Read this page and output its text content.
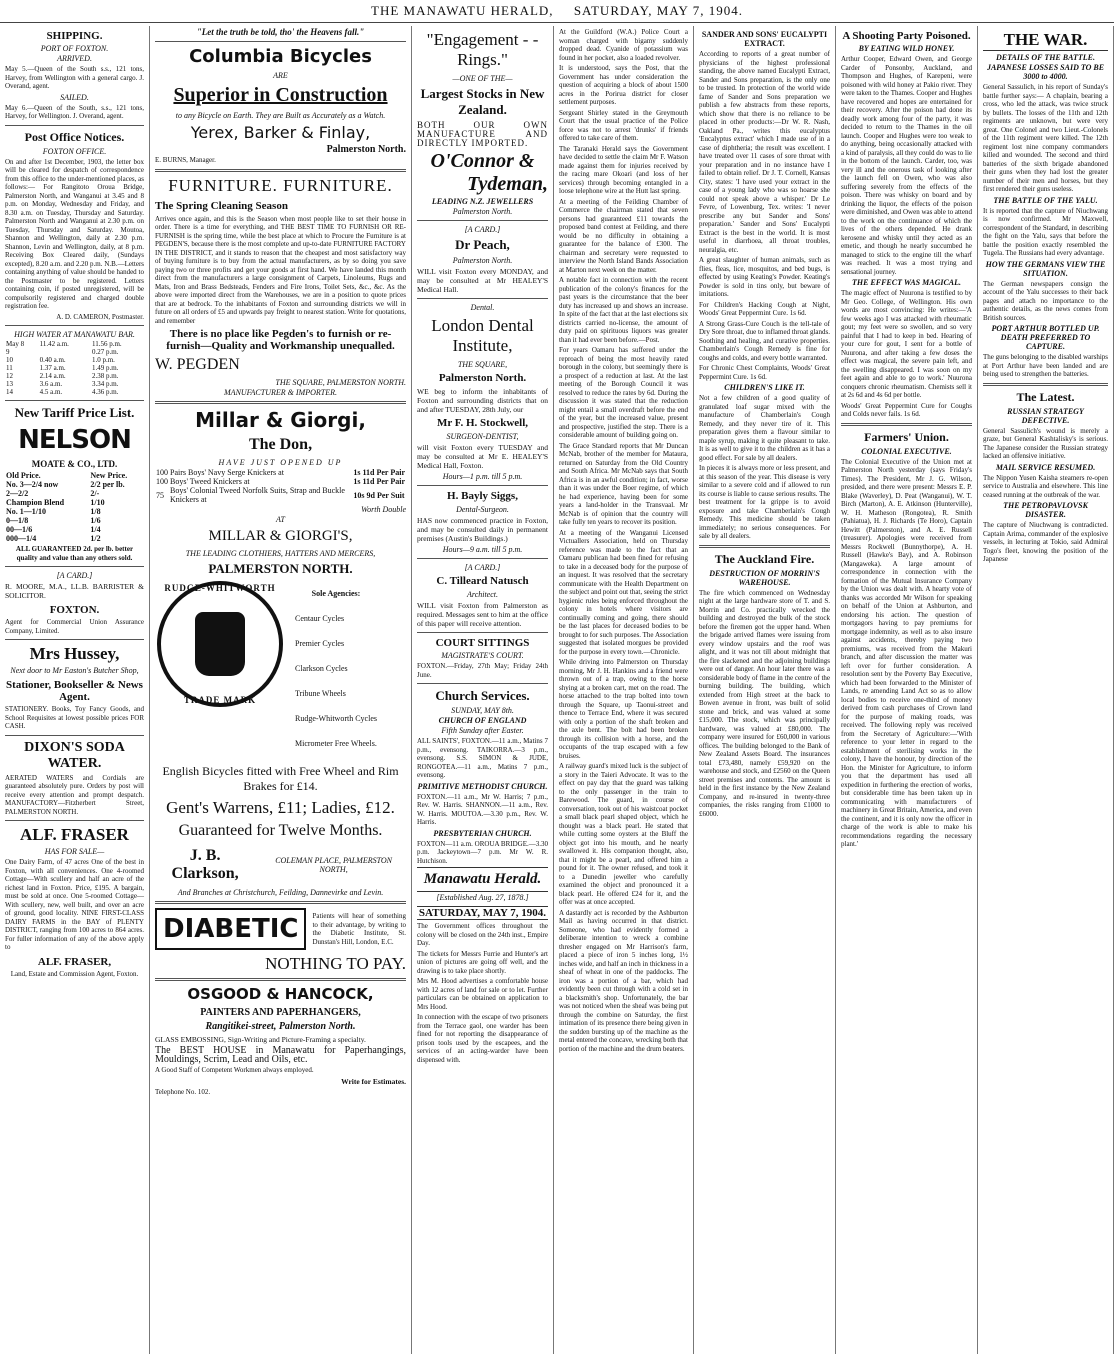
THE MANAWATU HERALD, SATURDAY, MAY 7, 1904.
SHIPPING.
PORT OF FOXTON.
ARRIVED.
May 5.—Queen of the South s.s., 121 tons, Harvey, from Wellington with a general cargo. J. Overand, agent.
SAILED.
May 6.—Queen of the South, s.s., 121 tons, Harvey, for Wellington. J. Overand, agent.
Post Office Notices.
FOXTON OFFICE.
On and after 1st December, 1903, the letter box will be cleared for despatch of correspondence from this office to the under-mentioned places, as follows:— For Rangitoto Oroua Bridge, Palmerston North, and Wanganui at 3.45 and 8 p.m. on Monday, Wednesday and Friday, and 8.30 a.m. on Tuesday, Thursday and Saturday. Palmerston North and Wanganui at 2.30 p.m. on Tuesday, Thursday and Saturday. Moutoa, Shannon and Wellington, daily at 2.30 p.m. Shannon, Levin and Wellington, daily, at 8 p.m. Receiving Box Cleared daily, (Sundays excepted), 8.20 a.m. and 2.20 p.m. N.B.—Letters containing anything of value should be handed to the Postmaster to be registered. Letters containing coin, if posted unregistered, will be compulsorily registered and charged double registration fee.
A. D. CAMERON, Postmaster.
HIGH WATER AT MANAWATU BAR.
May 8	11.42 a.m.	11.56 p.m.
9		0.27 p.m.
10	0.40 a.m.	1.0 p.m.
11	1.37 a.m.	1.49 p.m.
12	2.14 a.m.	2.38 p.m.
13	3.6 a.m.	3.34 p.m.
14	4.5 a.m.	4.36 p.m.
New Tariff Price List.
NELSON
MOATE & CO., LTD.
Old Price.	New Price.
No. 3—2/4 now	2/2 per lb.
2—2/2	2/-
Champion Blend	1/10
No. 1—1/10	1/8
0—1/8	1/6
00—1/6	1/4
000—1/4	1/2
ALL GUARANTEED 2d. per lb. better quality and value than any others sold.
[A CARD.]
R. MOORE, M.A., LL.B. BARRISTER & SOLICITOR.
FOXTON.
Agent for Commercial Union Assurance Company, Limited.
Mrs Hussey,
Next door to Mr Easton's Butcher Shop,
Stationer, Bookseller & News Agent.
STATIONERY. Books, Toy Fancy Goods, and School Requisites at lowest possible prices FOR CASH.
DIXON'S SODA WATER.
AERATED WATERS and Cordials are guaranteed absolutely pure. Orders by post will receive every attention and prompt despatch. MANUFACTORY—Fitzherbert Street, PALMERSTON NORTH.
ALF. FRASER
HAS FOR SALE—
One Dairy Farm, of 47 acres One of the best in Foxton, with all conveniences. One 4-roomed Cottage—With scullery and half an acre of the richest land in Foxton. Price, £195. A bargain, must be sold at once. One 5-roomed Cottage—With scullery, new, well built, and over an acre of ground, good locality. NINE FIRST-CLASS DAIRY FARMS in the BAY of PLENTY DISTRICT, ranging from 100 acres to 864 acres. For fuller information of any of the above apply to
ALF. FRASER,
Land, Estate and Commission Agent, Foxton.
"Let the truth be told, tho' the Heavens fall."
Columbia Bicycles
ARE
Superior in Construction
to any Bicycle on Earth. They are Built as Accurately as a Watch.
Yerex, Barker & Finlay,
Palmerston North.
E. BURNS, Manager.
FURNITURE. FURNITURE.
The Spring Cleaning Season
Arrives once again, and this is the Season when most people like to set their house in order. There is a time for everything, and THE BEST TIME TO FURNISH OR RE-FURNISH is the spring time, while the best place at which to Procure the Furniture is at PEGDEN'S, because there is the most complete and up-to-date FURNITURE FACTORY IN THE DISTRICT, and it stands to reason that the cheapest and most satisfactory way of buying furniture is to buy from the actual manufacturers, as by so doing you save paying two or three profits and get your goods at first hand. We have landed this month direct from the manufacturers a large consignment of Carpets, Linoleums, Rugs and Mats, Iron and Brass Bedsteads, Fenders and Fire Irons, Toilet Sets, &c., &c. As the above were imported direct from the Warehouses, we are in a position to quote prices that are at bedrock. To the inhabitants of Foxton and surrounding districts we will in future on all orders of £5 and upwards pay freight to nearest station. Write for quotations, and remember
There is no place like Pegden's to furnish or re-furnish—Quality and Workmanship unequalled.
W. PEGDEN
THE SQUARE, PALMERSTON NORTH.
MANUFACTURER & IMPORTER.
Millar & Giorgi,
The Don,
HAVE JUST OPENED UP
100	Pairs Boys' Navy Serge Knickers at	1s 11d Per Pair
100	Boys' Tweed Knickers at	1s 11d Per Pair
75	Boys' Colonial Tweed Norfolk Suits, Strap and Buckle Knickers at	10s 9d Per Suit
Worth Double
AT
MILLAR & GIORGI'S,
THE LEADING CLOTHIERS, HATTERS AND MERCERS,
PALMERSTON NORTH.
RUDGE-WHITWORTH
TRADE MARK
Sole Agencies:
Centaur Cycles
Premier Cycles
Clarkson Cycles
Tribune Wheels
Rudge-Whitworth Cycles
Micrometer Free Wheels.
English Bicycles fitted with Free Wheel and Rim Brakes for £14.
Gent's Warrens, £11; Ladies, £12.
Guaranteed for Twelve Months.
J. B. Clarkson,
COLEMAN PLACE, PALMERSTON NORTH,
And Branches at Christchurch, Feilding, Dannevirke and Levin.
DIABETIC	Patients will hear of something to their advantage, by writing to the Diabetic Institute, St. Dunstan's Hill, London, E.C.
NOTHING TO PAY.
OSGOOD & HANCOCK,
PAINTERS AND PAPERHANGERS,
Rangitikei-street, Palmerston North.
GLASS EMBOSSING, Sign-Writing and Picture-Framing a specialty.
The BEST HOUSE in Manawatu for Paperhangings, Mouldings, Scrim, Lead and Oils, etc.
A Good Staff of Competent Workmen always employed.
Write for Estimates.
Telephone No. 102.
"Engagement - - Rings."
—ONE OF THE—
Largest Stocks in New Zealand.
BOTH OUR OWN MANUFACTURE AND DIRECTLY IMPORTED.
O'Connor &
Tydeman,
LEADING N.Z. JEWELLERS
Palmerston North.
[A CARD.]
Dr Peach,
Palmerston North.
WILL visit Foxton every MONDAY, and may be consulted at Mr HEALEY'S Medical Hall.
Dental.
London Dental Institute,
THE SQUARE,
Palmerston North.
WE beg to inform the inhabitants of Foxton and surrounding districts that on and after TUESDAY, 28th July, our
Mr F. H. Stockwell,
SURGEON-DENTIST,
will visit Foxton every TUESDAY and may be consulted at Mr E. HEALEY'S Medical Hall, Foxton.
Hours—1 p.m. till 5 p.m.
H. Bayly Siggs,
Dental-Surgeon.
HAS now commenced practice in Foxton, and may be consulted daily in permanent premises (Austin's Buildings.)
Hours—9 a.m. till 5 p.m.
[A CARD.]
C. Tilleard Natusch
Architect.
WILL visit Foxton from Palmerston as required. Messages sent to him at the office of this paper will receive attention.
COURT SITTINGS
MAGISTRATE'S COURT.
FOXTON.—Friday, 27th May; Friday 24th June.
Church Services.
SUNDAY, MAY 8th.
CHURCH OF ENGLAND
Fifth Sunday after Easter.
ALL SAINTS', FOXTON.—11 a.m., Matins 7 p.m., evensong. TAIKORRA.—3 p.m., evensong. S.S. SIMON & JUDE, RONGOTEA.—11 a.m., Matins 7 p.m., evensong.
PRIMITIVE METHODIST CHURCH.
FOXTON.—11 a.m., Mr W. Harris; 7 p.m., Rev. W. Harris. SHANNON.—11 a.m., Rev. W. Harris. MOUTOA.—3.30 p.m., Rev. W. Harris.
PRESBYTERIAN CHURCH.
FOXTON—11 a.m. OROUA BRIDGE.—3.30 p.m. Jackeytown—7 p.m. Mr W. R. Hutchison.
Manawatu Herald.
[Established Aug. 27, 1878.]
SATURDAY, MAY 7, 1904.
The Government offices throughout the colony will be closed on the 24th inst., Empire Day.
The tickets for Messrs Furrie and Hunter's art union of pictures are going off well, and the drawing is to take place shortly.
Mrs M. Hood advertises a comfortable house with 12 acres of land for sale or to let. Further particulars can be obtained on application to Mrs Hood.
In connection with the escape of two prisoners from the Terrace gaol, one warder has been fined for not reporting the disappearance of prison tools used by the escapees, and the services of an acting-warder have been dispensed with.
At the Guildford (W.A.) Police Court a woman charged with bigamy suddenly dropped dead. Cyanide of potassium was found in her pocket, also a loaded revolver.
It is understood, says the Post, that the Government has under consideration the question of acquiring a block of about 1500 acres in the Porirua district for closer settlement purposes.
Sergeant Shirley stated in the Greymouth Court that the usual practice of the Police force was not to arrest 'drunks' if friends offered to take care of them.
The Taranaki Herald says the Government have decided to settle the claim Mr F. Watson made against them for injuries received by the racing mare Okoari (and loss of her services) through becoming entangled in a loose telephone wire at the Hutt last spring.
At a meeting of the Feilding Chamber of Commerce the chairman stated that seven persons had guaranteed £11 towards the proposed band contest at Feilding, and there would be no difficulty in obtaining a guarantee for the balance of £300. The chairman and secretary were requested to interview the North Island Bands Association at Marton next week on the matter.
A notable fact in connection with the recent publication of the colony's finances for the past years is the circumstance that the beer duty has increased up and shows an increase. In spite of the fact that at the last elections six districts carried no-license, the amount of duty paid on spirituous liquors was greater than it had ever been before.—Post.
For years Oamaru has suffered under the reproach of being the most heavily rated borough in the colony, but seemingly there is a prospect of a reduction at last. At the last meeting of the Borough Council it was resolved to reduce the rates by 6d. During the discussion it was stated that the reduction might entail a small overdraft before the end of the year, but the increased value, present and prospective, justified the step. There is a considerable amount of building going on.
The Grace Standard reports that Mr Duncan McNab, brother of the member for Mataura, returned on Saturday from the Old Country and South Africa. Mr McNab says that South Africa is in an awful condition; in fact, worse than it was under the Boer regime, of which he had experience, having been for some years a land-holder in the Transvaal. Mr McNab is of opinion that the country will take fully ten years to recover its position.
At a meeting of the Wanganui Licensed Victuallers Association, held on Thursday reference was made to the fact that an Oamaru publican had been fined for refusing to take in a deceased body for the purpose of an inquest. It was resolved that the secretary communicate with the Health Department on the subject and point out that, seeing the strict hygienic rules being enforced throughout the colony in hotels where visitors are continually coming and going, there should be the last places for deceased bodies to be brought to for such purposes. The Association suggested that isolated morgues be provided for the purpose in every town.—Chronicle.
While driving into Palmerston on Thursday morning, Mr J. H. Hankins and a friend were thrown out of a trap, owing to the horse shying at a broken cart, met on the road. The horse attached to the trap bolted into town through the Square, up Taonui-street and thence to Terrace End, where it was secured with only a portion of the shaft broken and the axle bent. The bolt had been broken through its collision with a horse, and the occupants of the trap escaped with a few bruises.
A railway guard's mixed luck is the subject of a story in the Taieri Advocate. It was to the effect on pay day that the guard was talking to the only passenger in the train to Barewood. The guard, in course of conversation, took out of his waistcoat pocket a small black pearl shaped object, which he thought was a black pearl. He stated that while cutting some oysters at the Bluff the object got into his mouth, and he nearly swallowed it. His companion thought, also, that it might be a pearl, and offered him a pound for it. The owner refused, and took it to a Dunedin jeweller who carefully examined the object and pronounced it a black pearl. He offered £24 for it, and the offer was at once accepted.
A dastardly act is recorded by the Ashburton Mail as having occurred in that district. Someone, who had evidently formed a deliberate intention to wreck a combine thresher engaged on Mr Harrison's farm, placed a piece of iron 5 inches long, 1½ inches wide, and half an inch in thickness in a sheaf of wheat in one of the paddocks. The iron was a portion of a bar, which had evidently been cut through with a cold set in a blacksmith's shop. Unfortunately, the bar was not noticed when the sheaf was being put through the combine on Saturday, the first intimation of its presence there being given in the sudden bursting up of the machine as the metal entered the concave, wrecking both that portion of the machine and the drum beaters.
SANDER AND SONS' EUCALYPTI EXTRACT.
According to reports of a great number of physicians of the highest professional standing, the above named Eucalypti Extract, Sander and Sons preparation, is the only one to be trusted. In protection of the world wide fame of Sander and Sons preparation we publish a few abstracts from these reports, which show that there is no reliance to be placed in other products:—Dr W. R. Nash, Oakland Pa., writes this eucalyptus 'Eucalyptus extract' which I made use of in a case of diphtheria; the result was excellent. I have treated over 11 cases of sore throat with your preparation and in no instance have I failed to obtain relief. Dr J. T. Cornell, Kansas City, states: 'I have used your extract in the case of a young lady who was so hoarse she could not speak above a whisper.' Dr Le Fevre, of Lowenburg, Tex. writes: 'I never prescribe any but Sander and Sons' preparation.' Sander and Sons' Eucalypti Extract is the best in the world. It is most useful in diarrhoea, all throat troubles, neuralgia, etc.
A great slaughter of human animals, such as flies, fleas, lice, mosquitos, and bed bugs, is effected by using Keating's Powder. Keating's Powder is sold in tins only, but beware of imitations.
For Children's Hacking Cough at Night, Woods' Great Peppermint Cure. 1s 6d.
A Strong Grass-Cure Couch is the tell-tale of Dry Sore throat, due to inflamed throat glands. Soothing and healing, and curative properties. Chamberlain's Cough Remedy is fine for coughs and colds, and every bottle warranted.
For Chronic Chest Complaints, Woods' Great Peppermint Cure. 1s 6d.
CHILDREN'S LIKE IT.
Not a few children of a good quality of granulated loaf sugar mixed with the manufacture of Chamberlain's Cough Remedy, and they never tire of it. This preparation gives them a flavour similar to maple syrup, making it quite pleasant to take. It is as well to give it to the children as it has a good effect. For sale by all dealers.
In pieces it is always more or less present, and at this season of the year. This disease is very similar to a severe cold and if allowed to run its course is liable to cause serious results. The best treatment for la grippe is to avoid exposure and take Chamberlain's Cough Remedy. This medicine should be taken immediately; no serious consequences. For sale by all dealers.
The Auckland Fire.
DESTRUCTION OF MORRIN'S WAREHOUSE.
The fire which commenced on Wednesday night at the large hardware store of T. and S. Morrin and Co. practically wrecked the building and destroyed the bulk of the stock before the firemen got the upper hand. When the brigade arrived flames were issuing from every window upstairs and the roof was alight, and it was not till about midnight that the fire slackened and the adjoining buildings were out of danger. An hour later there was a considerable body of flame in the centre of the burning building. The building, which extended from High street at the back to Bowen avenue in front, was built of solid stone and brick, and was valued at some £15,000. The stock, which was principally hardware, was valued at £80,000. The company were insured for £60,000 in various offices. The building belonged to the Bank of New Zealand Assets Board. The insurances total £73,480, namely £59,920 on the warehouse and stock, and £2560 on the Queen street premises and contents. The amount is held in the first instance by the New Zealand Company, and re-insured in twenty-three companies, the risks ranging from £1000 to £6000.
A Shooting Party Poisoned.
BY EATING WILD HONEY.
Arthur Cooper, Edward Owen, and George Carder of Ponsonby, Auckland, and Thompson and Hughes, of Karepeni, were poisoned with wild honey at Pakio river. They were taken to the Thames. Cooper and Hughes have recovered and hopes are entertained for their recovery. After the poison had done its deadly work among four of the party, it was decided to return to the Thames in the oil launch. Cooper and Hughes were too weak to do anything, being occasionally attacked with a kind of paralysis, all they could do was to lie in the bottom of the launch. Carder, too, was very ill and the onerous task of looking after the launch fell on Owen, who was also suffering severely from the effects of the poison. There was whisky on board and by drinking the liquor, the effects of the poison were diminished, and Owen was able to attend to the work on the continuance of which the lives of the others depended. He drank kerosene and whisky until they acted as an emetic, and though he nearly succumbed he managed to stick to the engine till the wharf was reached. It was a most trying and sensational journey.
THE EFFECT WAS MAGICAL.
The magic effect of Nuurona is testified to by Mr Geo. College, of Wellington. His own words are most convincing: He writes:—'A few weeks ago I was attacked with rheumatic gout; my feet were so swollen, and so very painful that I had to keep in bed. Hearing of your cure for gout, I sent for a bottle of Nuurona, and after taking a few doses the effect was magical, the severe pain left, and the swelling disappeared. I was soon on my feet again and able to go to work.' Nuurona conquers chronic rheumatism. Chemists sell it at 2s 6d and 4s 6d per bottle.
Woods' Great Peppermint Cure for Coughs and Colds never fails. 1s 6d.
Farmers' Union.
COLONIAL EXECUTIVE.
The Colonial Executive of the Union met at Palmerston North yesterday (says Friday's Times). The President, Mr J. G. Wilson, presided, and there were present: Messrs E. P. Blake (Waverley), D. Peat (Wanganui), W. T. Birch (Marton), A. E. Atkinson (Hunterville), W. H. Matheson (Rongotea), R. Smith (Pahiatua), H. J. Richards (Te Horo), Captain Hewitt (Palmerston), and A. E. Russell (treasurer). Apologies were received from Messrs Rockwell (Bunnythorpe), A. H. Russell (Hawke's Bay), and A. Robinson (Mangaweka). A large amount of correspondence in connection with the formation of the Mutual Insurance Company by the Union was dealt with. A hearty vote of thanks was accorded Mr Wilson for speaking on behalf of the Union at Ashburton, and endorsing his action. The question of mortgagors having to pay premiums for mortgage indemnity, as well as to also insure against accidents, thereby paying two premiums, was received from the Makuri branch, and after discussion the matter was left over for further consideration. A resolution sent by the Poverty Bay Executive, which had been forwarded to the Minister of Lands, re amending Land Act so as to allow local bodies to receive one-third of money derived from cash purchases of Crown land for the purpose of making roads, was received. The following reply was received from the Secretary of Agriculture:—'With reference to your letter in regard to the establishment of sterilising works in the colony, I have the honour, by direction of the Hon. the Minister for Agriculture, to inform you that the department has used all expedition in furthering the erection of works, but considerable time has been taken up in communicating with manufacturers of machinery in Great Britain, America, and even the continent, and it is only now the officer in charge of the work is able to make his recommendations regarding the necessary plant.'
THE WAR.
DETAILS OF THE BATTLE.
JAPANESE LOSSES SAID TO BE 3000 to 4000.
General Sassulich, in his report of Sunday's battle further says:— A chaplain, bearing a cross, who led the attack, was twice struck by bullets. The losses of the 11th and 12th regiments are unknown, but were very great. One Colonel and two Lieut.-Colonels of the 11th regiment were killed. The 12th regiment lost nine company commanders killed and wounded. The second and third batteries of the sixth brigade abandoned their guns when they had lost the greater number of their men and horses, but they first rendered their guns useless.
THE BATTLE OF THE YALU.
It is reported that the capture of Niuchwang is now confirmed. Mr Maxwell, correspondent of the Standard, in describing the fight on the Yalu, says that before the battle the position exactly resembled the Tugela. The Russians had every advantage.
HOW THE GERMANS VIEW THE SITUATION.
The German newspapers consign the account of the Yalu successes to their back pages and attach no importance to the authentic details, as the news comes from British sources.
PORT ARTHUR BOTTLED UP. DEATH PREFERRED TO CAPTURE.
The guns belonging to the disabled warships at Port Arthur have been landed and are being used to strengthen the batteries.
The Latest.
RUSSIAN STRATEGY DEFECTIVE.
General Sassulich's wound is merely a graze, but General Kashtalisky's is serious. The Japanese consider the Russian strategy lacked an offensive initiative.
MAIL SERVICE RESUMED.
The Nippon Yusen Kaisha steamers re-open service to Australia and elsewhere. This line ceased running at the outbreak of the war.
THE PETROPAVLOVSK DISASTER.
The capture of Niuchwang is contradicted. Captain Arima, commander of the explosive vessels, in lecturing at Tokio, said Admiral Togo's fleet, knowing the position of the Japanese
